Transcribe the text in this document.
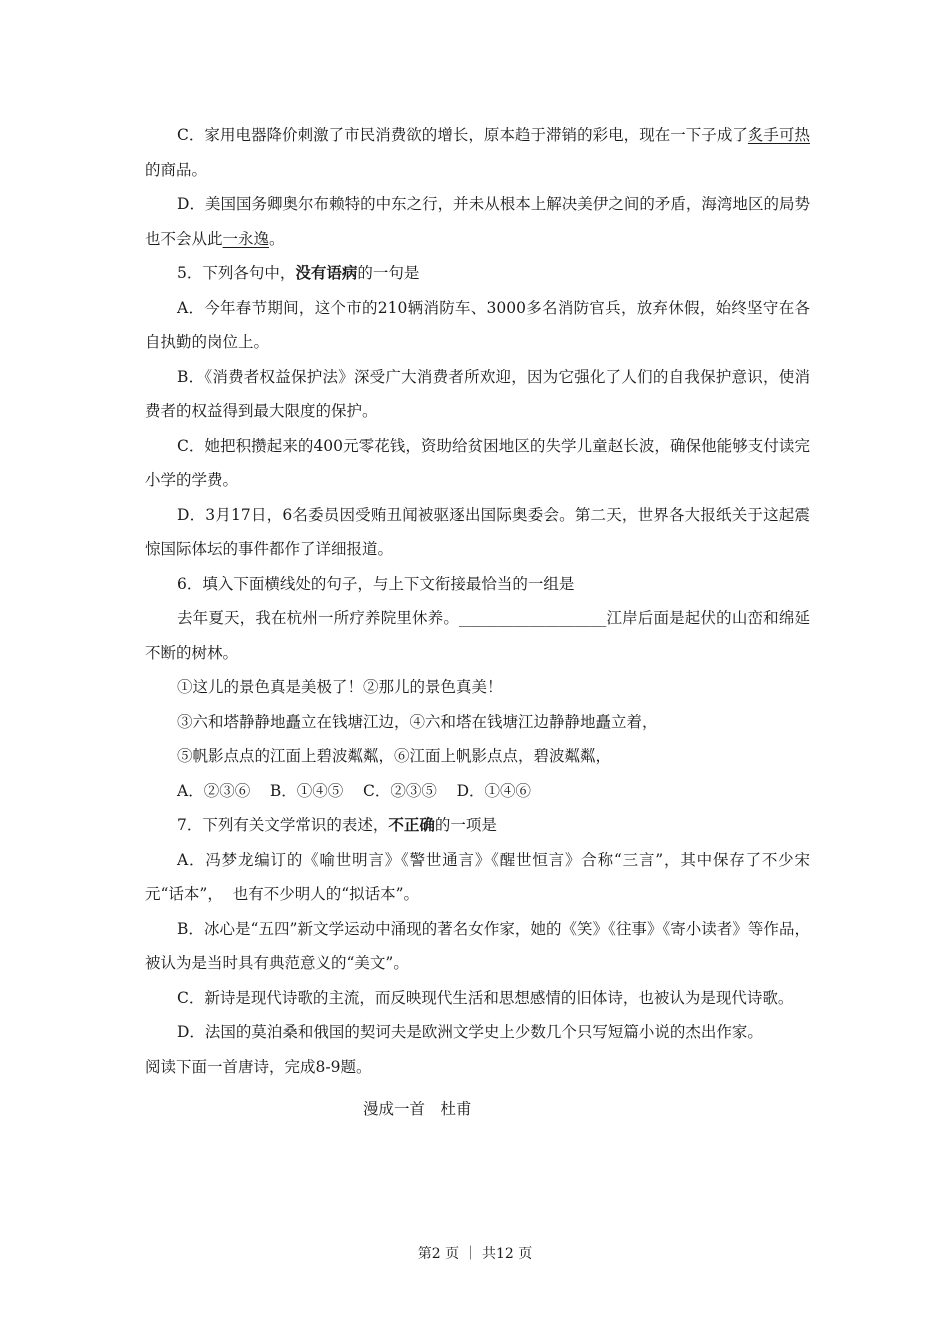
C．家用电器降价刺激了市民消费欲的增长，原本趋于滞销的彩电，现在一下子成了炙手可热的商品。

D．美国国务卿奥尔布赖特的中东之行，并未从根本上解决美伊之间的矛盾，海湾地区的局势也不会从此一永逸。

5．下列各句中，没有语病的一句是

A．今年春节期间，这个市的210辆消防车、3000多名消防官兵，放弃休假，始终坚守在各自执勤的岗位上。

B．《消费者权益保护法》深受广大消费者所欢迎，因为它强化了人们的自我保护意识，使消费者的权益得到最大限度的保护。

C．她把积攒起来的400元零花钱，资助给贫困地区的失学儿童赵长波，确保他能够支付读完小学的学费。

D．3月17日，6名委员因受贿丑闻被驱逐出国际奥委会。第二天，世界各大报纸关于这起震惊国际体坛的事件都作了详细报道。

6．填入下面横线处的句子，与上下文衔接最恰当的一组是

去年夏天，我在杭州一所疗养院里休养。___________________江岸后面是起伏的山峦和绵延不断的树林。

①这儿的景色真是美极了！②那儿的景色真美！

③六和塔静静地矗立在钱塘江边，④六和塔在钱塘江边静静地矗立着，

⑤帆影点点的江面上碧波粼粼，⑥江面上帆影点点，碧波粼粼，

A．②③⑥    B．①④⑤    C．②③⑤    D．①④⑥

7．下列有关文学常识的表述，不正确的一项是

A．冯梦龙编订的《喻世明言》《警世通言》《醒世恒言》合称“三言”，其中保存了不少宋元“话本”，  也有不少明人的“拟话本”。

B．冰心是“五四”新文学运动中涌现的著名女作家，她的《笑》《往事》《寄小读者》等作品，被认为是当时具有典范意义的“美文”。

C．新诗是现代诗歌的主流，而反映现代生活和思想感情的旧体诗，也被认为是现代诗歌。

D．法国的莫泊桑和俄国的契诃夫是欧洲文学史上少数几个只写短篇小说的杰出作家。

阅读下面一首唐诗，完成8-9题。

漫成一首　杜甫

第2 页 ｜ 共12 页
